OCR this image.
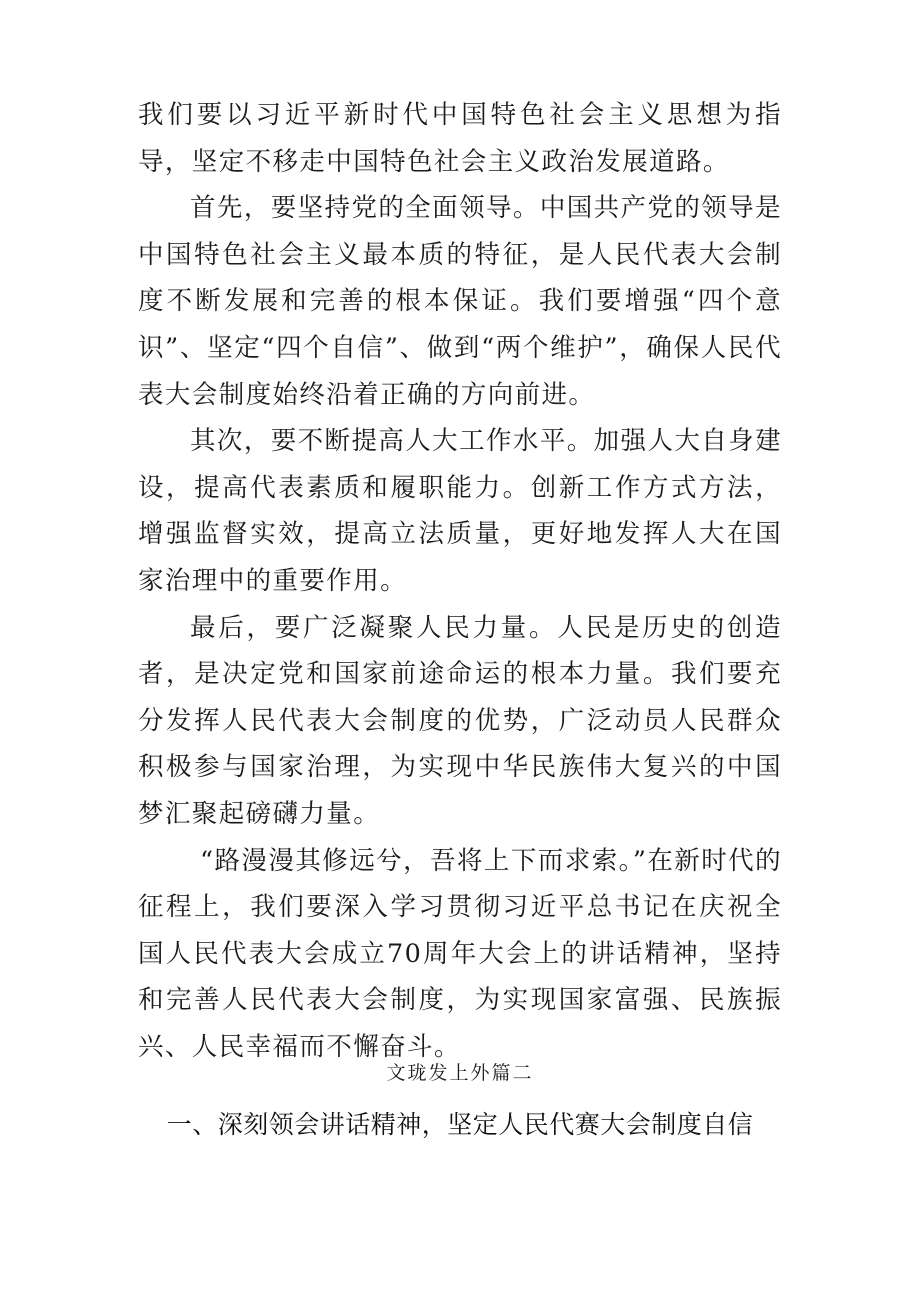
我们要以习近平新时代中国特色社会主义思想为指导，坚定不移走中国特色社会主义政治发展道路。

首先，要坚持党的全面领导。中国共产党的领导是中国特色社会主义最本质的特征，是人民代表大会制度不断发展和完善的根本保证。我们要增强“四个意识”、坚定“四个自信”、做到“两个维护”，确保人民代表大会制度始终沿着正确的方向前进。

其次，要不断提高人大工作水平。加强人大自身建设，提高代表素质和履职能力。创新工作方式方法，增强监督实效，提高立法质量，更好地发挥人大在国家治理中的重要作用。

最后，要广泛凝聚人民力量。人民是历史的创造者，是决定党和国家前途命运的根本力量。我们要充分发挥人民代表大会制度的优势，广泛动员人民群众积极参与国家治理，为实现中华民族伟大复兴的中国梦汇聚起磅礴力量。

“路漫漫其修远兮，吾将上下而求索。”在新时代的征程上，我们要深入学习贯彻习近平总书记在庆祝全国人民代表大会成立70周年大会上的讲话精神，坚持和完善人民代表大会制度，为实现国家富强、民族振兴、人民幸福而不懈奋斗。

文珑发上外篇二
一、深刻领会讲话精神，坚定人民代赛大会制度自信
